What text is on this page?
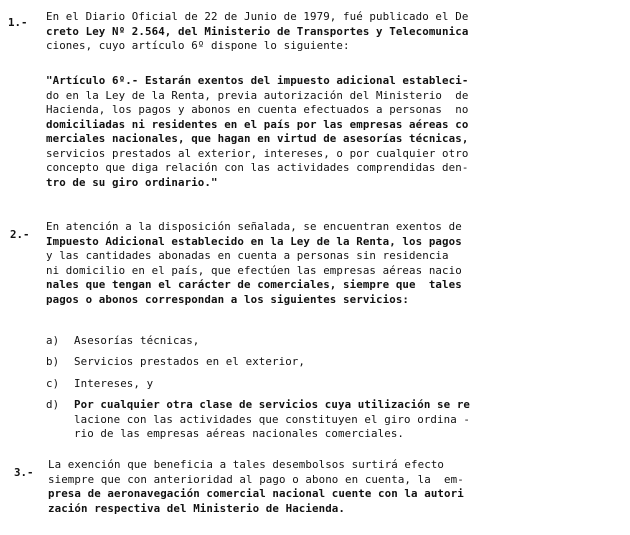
1.- En el Diario Oficial de 22 de Junio de 1979, fué publicado el De
creto Ley Nº 2.564, del Ministerio de Transportes y Telecomunica
ciones, cuyo artículo 6º dispone lo siguiente:
"Artículo 6º.- Estarán exentos del impuesto adicional estableci-
do en la Ley de la Renta, previa autorización del Ministerio  de
Hacienda, los pagos y abonos en cuenta efectuados a personas  no
domiciliadas ni residentes en el país por las empresas aéreas co
merciales nacionales, que hagan en virtud de asesorías técnicas,
servicios prestados al exterior, intereses, o por cualquier otro
concepto que diga relación con las actividades comprendidas den-
tro de su giro ordinario."
2.-
En atención a la disposición señalada, se encuentran exentos de
Impuesto Adicional establecido en la Ley de la Renta, los pagos
y las cantidades abonadas en cuenta a personas sin residencia
ni domicilio en el país, que efectúen las empresas aéreas nacio
nales que tengan el carácter de comerciales, siempre que  tales
pagos o abonos correspondan a los siguientes servicios:
a) Asesorías técnicas,
b) Servicios prestados en el exterior,
c) Intereses, y
d) Por cualquier otra clase de servicios cuya utilización se re
lacione con las actividades que constituyen el giro ordina -
rio de las empresas aéreas nacionales comerciales.
3.-
La exención que beneficia a tales desembolsos surtirá efecto
siempre que con anterioridad al pago o abono en cuenta, la  em-
presa de aeronavegación comercial nacional cuente con la autori
zación respectiva del Ministerio de Hacienda.
